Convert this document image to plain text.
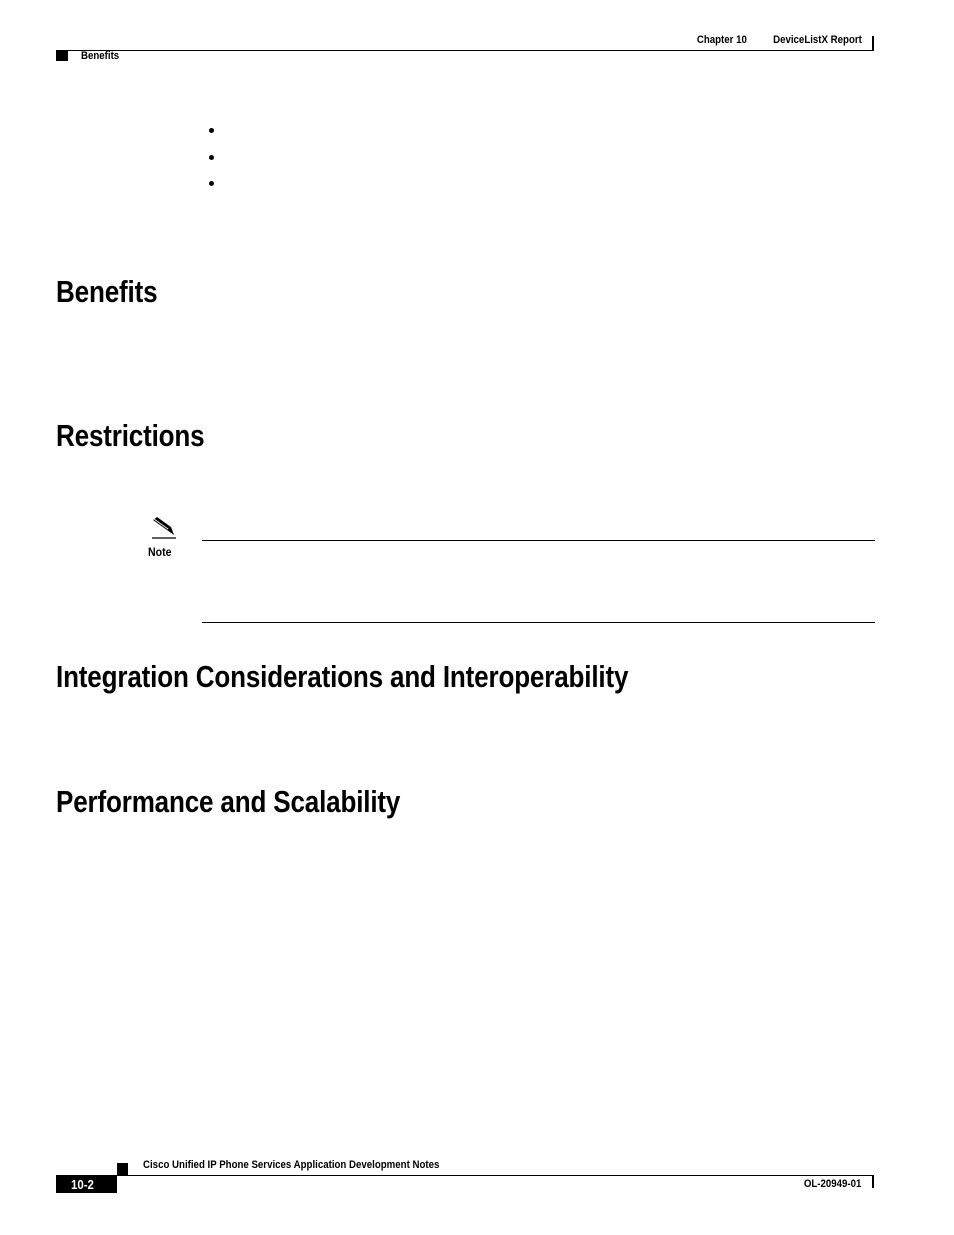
Chapter 10 DeviceListX Report
Benefits
Benefits
Restrictions
Note
Integration Considerations and Interoperability
Performance and Scalability
Cisco Unified IP Phone Services Application Development Notes
10-2	OL-20949-01
